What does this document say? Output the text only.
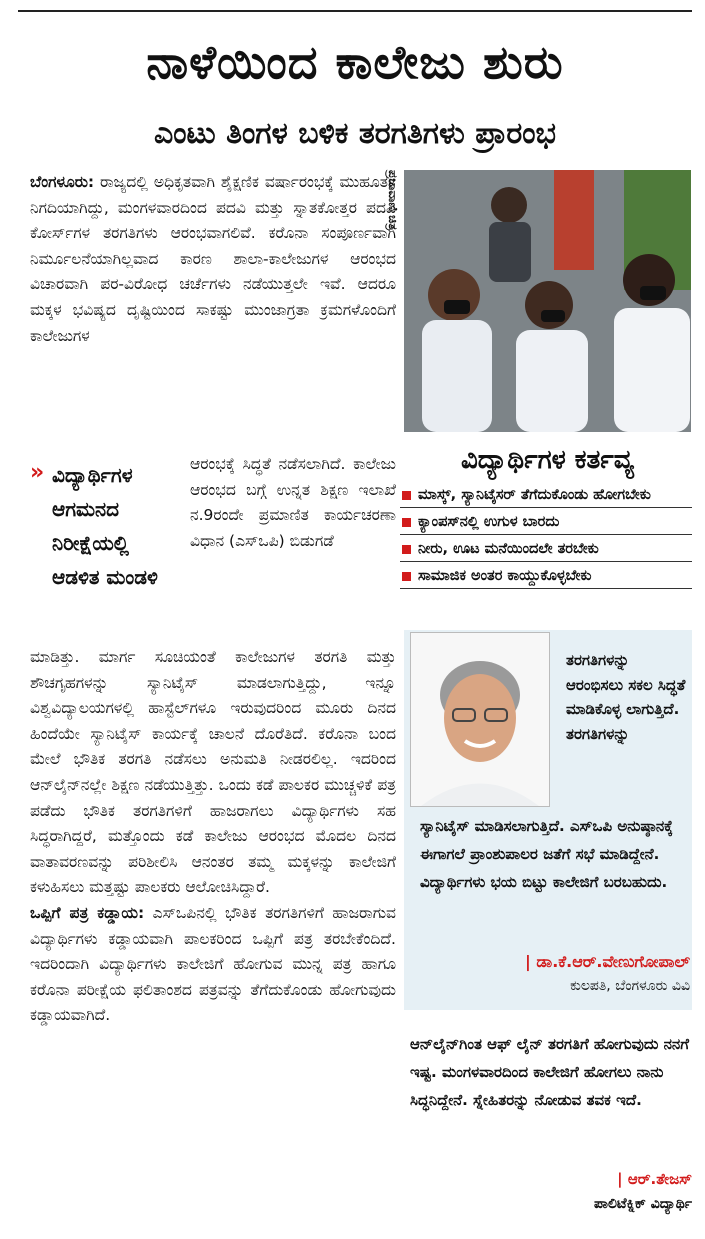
ನಾಳೆಯಿಂದ ಕಾಲೇಜು ಶುರು
ಎಂಟು ತಿಂಗಳ ಬಳಿಕ ತರಗತಿಗಳು ಪ್ರಾರಂಭ
ಬೆಂಗಳೂರು: ರಾಜ್ಯದಲ್ಲಿ ಅಧಿಕೃತವಾಗಿ ಶೈಕ್ಷಣಿಕ ವರ್ಷಾರಂಭಕ್ಕೆ ಮುಹೂರ್ತ ನಿಗದಿಯಾಗಿದ್ದು, ಮಂಗಳವಾರದಿಂದ ಪದವಿ ಮತ್ತು ಸ್ನಾತಕೋತ್ತರ ಪದವಿ ಕೋರ್ಸ್‌ಗಳ ತರಗತಿಗಳು ಆರಂಭವಾಗಲಿವೆ. ಕರೊನಾ ಸಂಪೂರ್ಣವಾಗಿ ನಿರ್ಮೂಲನೆಯಾಗಿಲ್ಲವಾದ ಕಾರಣ ಶಾಲಾ-ಕಾಲೇಜುಗಳ ಆರಂಭದ ವಿಚಾರವಾಗಿ ಪರ-ವಿರೋಧ ಚರ್ಚೆಗಳು ನಡೆಯುತ್ತಲೇ ಇವೆ. ಆದರೂ ಮಕ್ಕಳ ಭವಿಷ್ಯದ ದೃಷ್ಟಿಯಿಂದ ಸಾಕಷ್ಟು ಮುಂಜಾಗ್ರತಾ ಕ್ರಮಗಳೊಂದಿಗೆ ಕಾಲೇಜುಗಳ
» ವಿದ್ಯಾರ್ಥಿಗಳ ಆಗಮನದ ನಿರೀಕ್ಷೆಯಲ್ಲಿ ಆಡಳಿತ ಮಂಡಳಿ
ಆರಂಭಕ್ಕೆ ಸಿದ್ಧತೆ ನಡೆಸಲಾಗಿದೆ. ಕಾಲೇಜು ಆರಂಭದ ಬಗ್ಗೆ ಉನ್ನತ ಶಿಕ್ಷಣ ಇಲಾಖೆ ನ.9ರಂದೇ ಪ್ರಮಾಣಿತ ಕಾರ್ಯಚರಣಾ ವಿಧಾನ (ಎಸ್‌ಒಪಿ) ಬಿಡುಗಡೆ
ಮಾಡಿತ್ತು. ಮಾರ್ಗ ಸೂಚಿಯಂತೆ ಕಾಲೇಜುಗಳ ತರಗತಿ ಮತ್ತು ಶೌಚಗೃಹಗಳನ್ನು ಸ್ಯಾನಿಟೈಸ್ ಮಾಡಲಾಗುತ್ತಿದ್ದು, ಇನ್ನೂ ವಿಶ್ವವಿದ್ಯಾಲಯಗಳಲ್ಲಿ ಹಾಸ್ಟೆಲ್‌ಗಳೂ ಇರುವುದರಿಂದ ಮೂರು ದಿನದ ಹಿಂದೆಯೇ ಸ್ಯಾನಿಟೈಸ್ ಕಾರ್ಯಕ್ಕೆ ಚಾಲನೆ ದೊರೆತಿದೆ. ಕರೊನಾ ಬಂದ ಮೇಲೆ ಭೌತಿಕ ತರಗತಿ ನಡೆಸಲು ಅನುಮತಿ ನೀಡರಲಿಲ್ಲ. ಇದರಿಂದ ಆನ್‌ಲೈನ್‌ನಲ್ಲೇ ಶಿಕ್ಷಣ ನಡೆಯುತ್ತಿತ್ತು. ಒಂದು ಕಡೆ ಪಾಲಕರ ಮುಚ್ಚಳಿಕೆ ಪತ್ರ ಪಡೆದು ಭೌತಿಕ ತರಗತಿಗಳಿಗೆ ಹಾಜರಾಗಲು ವಿದ್ಯಾರ್ಥಿಗಳು ಸಹ ಸಿದ್ಧರಾಗಿದ್ದರೆ, ಮತ್ತೊಂದು ಕಡೆ ಕಾಲೇಜು ಆರಂಭದ ಮೊದಲ ದಿನದ ವಾತಾವರಣವನ್ನು ಪರಿಶೀಲಿಸಿ ಆನಂತರ ತಮ್ಮ ಮಕ್ಕಳನ್ನು ಕಾಲೇಜಿಗೆ ಕಳುಹಿಸಲು ಮತ್ತಷ್ಟು ಪಾಲಕರು ಆಲೋಚಿಸಿದ್ದಾರೆ.
ಒಪ್ಪಿಗೆ ಪತ್ರ ಕಡ್ಡಾಯ: ಎಸ್‌ಒಪಿನಲ್ಲಿ ಭೌತಿಕ ತರಗತಿಗಳಿಗೆ ಹಾಜರಾಗುವ ವಿದ್ಯಾರ್ಥಿಗಳು ಕಡ್ಡಾಯವಾಗಿ ಪಾಲಕರಿಂದ ಒಪ್ಪಿಗೆ ಪತ್ರ ತರಬೇಕೆಂದಿದೆ. ಇದರಿಂದಾಗಿ ವಿದ್ಯಾರ್ಥಿಗಳು ಕಾಲೇಜಿಗೆ ಹೋಗುವ ಮುನ್ನ ಪತ್ರ ಹಾಗೂ ಕರೊನಾ ಪರೀಕ್ಷೆಯ ಫಲಿತಾಂಶದ ಪತ್ರವನ್ನು ತೆಗೆದುಕೊಂಡು ಹೋಗುವುದು ಕಡ್ಡಾಯವಾಗಿದೆ.
ಪ್ರಜಾವಾಣಿ ಚಿತ್ರ
ವಿದ್ಯಾರ್ಥಿಗಳ ಕರ್ತವ್ಯ
ಮಾಸ್ಕ್, ಸ್ಯಾನಿಟೈಸರ್ ತೆಗೆದುಕೊಂಡು ಹೋಗಬೇಕು
ಕ್ಯಾಂಪಸ್‌ನಲ್ಲಿ ಉಗುಳ ಬಾರದು
ನೀರು, ಊಟ ಮನೆಯಿಂದಲೇ ತರಬೇಕು
ಸಾಮಾಜಿಕ ಅಂತರ ಕಾಯ್ದುಕೊಳ್ಳಬೇಕು
ತರಗತಿಗಳನ್ನು ಆರಂಭಿಸಲು ಸಕಲ ಸಿದ್ಧತೆ ಮಾಡಿಕೊಳ್ಳ ಲಾಗುತ್ತಿದೆ. ತರಗತಿಗಳನ್ನು
ಸ್ಯಾನಿಟೈಸ್ ಮಾಡಿಸಲಾಗುತ್ತಿದೆ. ಎಸ್‌ಒಪಿ ಅನುಷ್ಠಾನಕ್ಕೆ ಈಗಾಗಲೆ ಪ್ರಾಂಶುಪಾಲರ ಜತೆಗೆ ಸಭೆ ಮಾಡಿದ್ದೇನೆ. ವಿದ್ಯಾರ್ಥಿಗಳು ಭಯ ಬಿಟ್ಟು ಕಾಲೇಜಿಗೆ ಬರಬಹುದು.
| ಡಾ.ಕೆ.ಆರ್.ವೇಣುಗೋಪಾಲ್
ಕುಲಪತಿ, ಬೆಂಗಳೂರು ವಿವಿ
ಆನ್‌ಲೈನ್‌ಗಿಂತ ಆಫ್ ಲೈನ್ ತರಗತಿಗೆ ಹೋಗುವುದು ನನಗೆ ಇಷ್ಟ. ಮಂಗಳವಾರದಿಂದ ಕಾಲೇಜಿಗೆ ಹೋಗಲು ನಾನು ಸಿದ್ಧನಿದ್ದೇನೆ. ಸ್ನೇಹಿತರನ್ನು ನೋಡುವ ತವಕ ಇದೆ.
| ಆರ್.ತೇಜಸ್
ಪಾಲಿಟೆಕ್ನಿಕ್ ವಿದ್ಯಾರ್ಥಿ
